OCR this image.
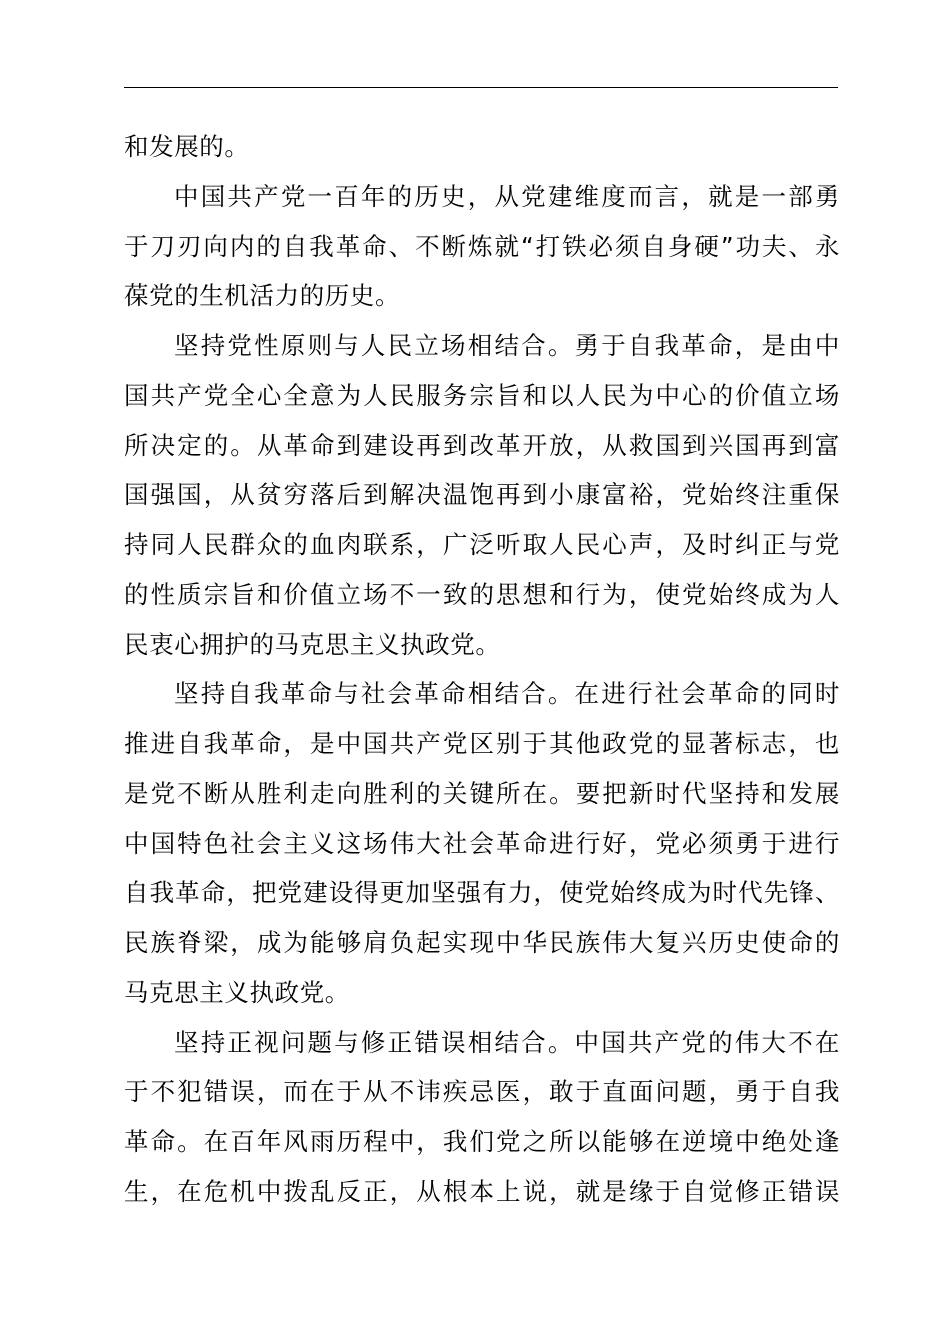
和发展的。
中国共产党一百年的历史，从党建维度而言，就是一部勇
于刀刃向内的自我革命、不断炼就“打铁必须自身硬”功夫、永
葆党的生机活力的历史。
坚持党性原则与人民立场相结合。勇于自我革命，是由中
国共产党全心全意为人民服务宗旨和以人民为中心的价值立场
所决定的。从革命到建设再到改革开放，从救国到兴国再到富
国强国，从贫穷落后到解决温饱再到小康富裕，党始终注重保
持同人民群众的血肉联系，广泛听取人民心声，及时纠正与党
的性质宗旨和价值立场不一致的思想和行为，使党始终成为人
民衷心拥护的马克思主义执政党。
坚持自我革命与社会革命相结合。在进行社会革命的同时
推进自我革命，是中国共产党区别于其他政党的显著标志，也
是党不断从胜利走向胜利的关键所在。要把新时代坚持和发展
中国特色社会主义这场伟大社会革命进行好，党必须勇于进行
自我革命，把党建设得更加坚强有力，使党始终成为时代先锋、
民族脊梁，成为能够肩负起实现中华民族伟大复兴历史使命的
马克思主义执政党。
坚持正视问题与修正错误相结合。中国共产党的伟大不在
于不犯错误，而在于从不讳疾忌医，敢于直面问题，勇于自我
革命。在百年风雨历程中，我们党之所以能够在逆境中绝处逢
生，在危机中拨乱反正，从根本上说，就是缘于自觉修正错误
